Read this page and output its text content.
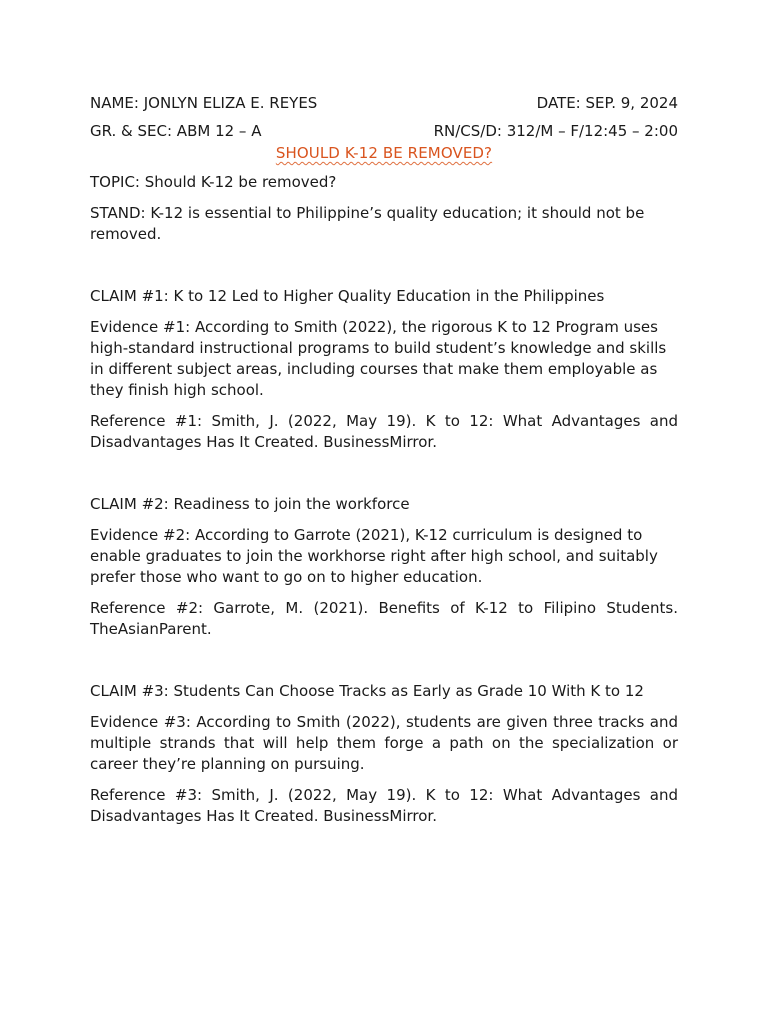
NAME: JONLYN ELIZA E. REYES	DATE: SEP. 9, 2024
GR. & SEC: ABM 12 – A	RN/CS/D: 312/M – F/12:45 – 2:00
SHOULD K-12 BE REMOVED?

TOPIC: Should K-12 be removed?

STAND: K-12 is essential to Philippine’s quality education; it should not be removed.

CLAIM #1: K to 12 Led to Higher Quality Education in the Philippines

Evidence #1: According to Smith (2022), the rigorous K to 12 Program uses high-standard instructional programs to build student’s knowledge and skills in different subject areas, including courses that make them employable as they finish high school.

Reference #1: Smith, J. (2022, May 19). K to 12: What Advantages and Disadvantages Has It Created. BusinessMirror.

CLAIM #2: Readiness to join the workforce

Evidence #2: According to Garrote (2021), K-12 curriculum is designed to enable graduates to join the workhorse right after high school, and suitably prefer those who want to go on to higher education.

Reference #2: Garrote, M. (2021). Benefits of K-12 to Filipino Students. TheAsianParent.

CLAIM #3: Students Can Choose Tracks as Early as Grade 10 With K to 12

Evidence #3: According to Smith (2022), students are given three tracks and multiple strands that will help them forge a path on the specialization or career they’re planning on pursuing.

Reference #3: Smith, J. (2022, May 19). K to 12: What Advantages and Disadvantages Has It Created. BusinessMirror.
